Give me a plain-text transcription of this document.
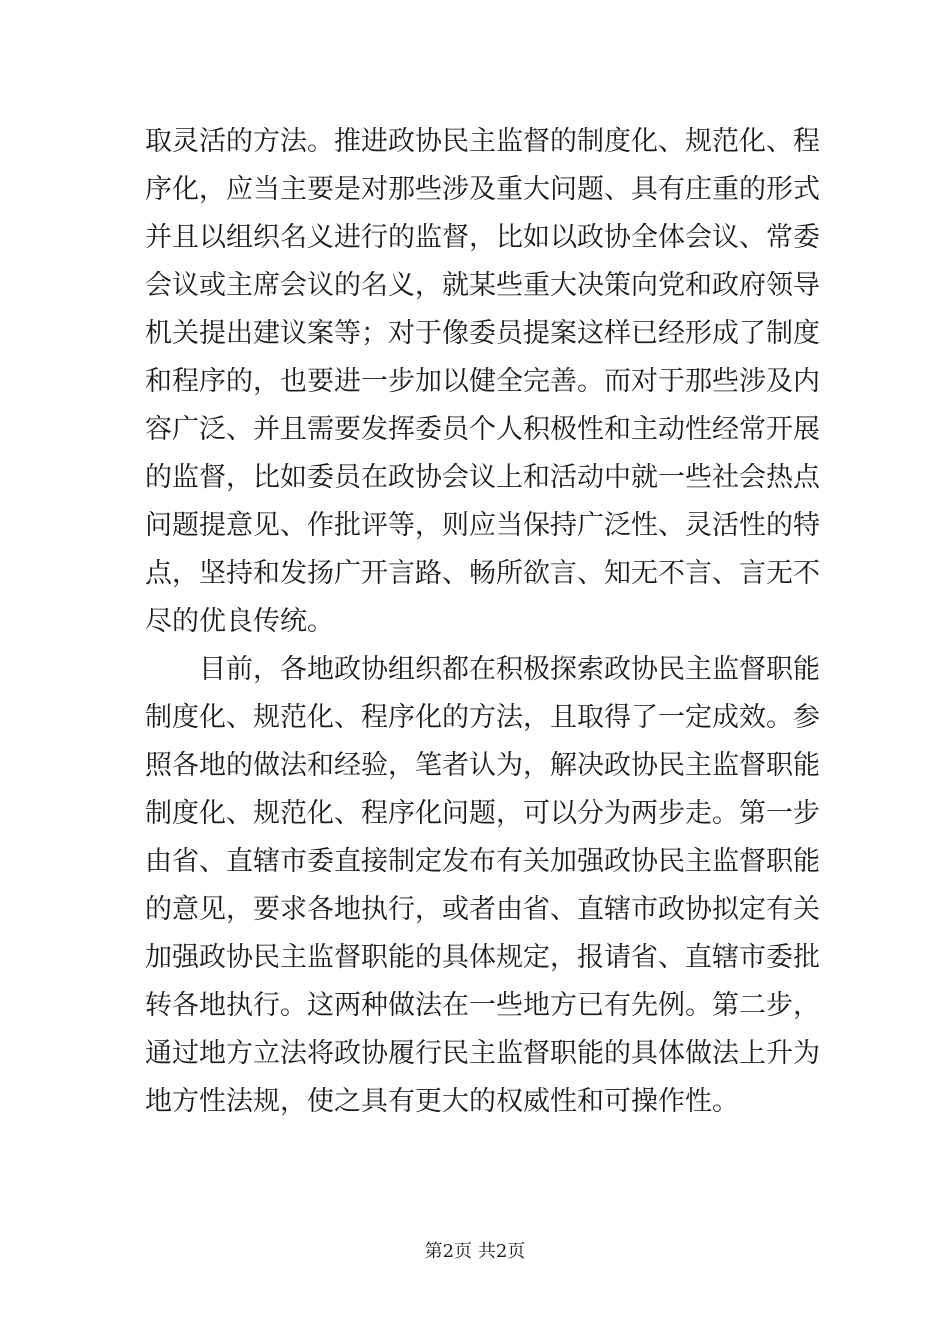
取灵活的方法。推进政协民主监督的制度化、规范化、程
序化，应当主要是对那些涉及重大问题、具有庄重的形式
并且以组织名义进行的监督，比如以政协全体会议、常委
会议或主席会议的名义，就某些重大决策向党和政府领导
机关提出建议案等；对于像委员提案这样已经形成了制度
和程序的，也要进一步加以健全完善。而对于那些涉及内
容广泛、并且需要发挥委员个人积极性和主动性经常开展
的监督，比如委员在政协会议上和活动中就一些社会热点
问题提意见、作批评等，则应当保持广泛性、灵活性的特
点，坚持和发扬广开言路、畅所欲言、知无不言、言无不
尽的优良传统。
目前，各地政协组织都在积极探索政协民主监督职能
制度化、规范化、程序化的方法，且取得了一定成效。参
照各地的做法和经验，笔者认为，解决政协民主监督职能
制度化、规范化、程序化问题，可以分为两步走。第一步
由省、直辖市委直接制定发布有关加强政协民主监督职能
的意见，要求各地执行，或者由省、直辖市政协拟定有关
加强政协民主监督职能的具体规定，报请省、直辖市委批
转各地执行。这两种做法在一些地方已有先例。第二步，
通过地方立法将政协履行民主监督职能的具体做法上升为
地方性法规，使之具有更大的权威性和可操作性。
第2页 共2页
